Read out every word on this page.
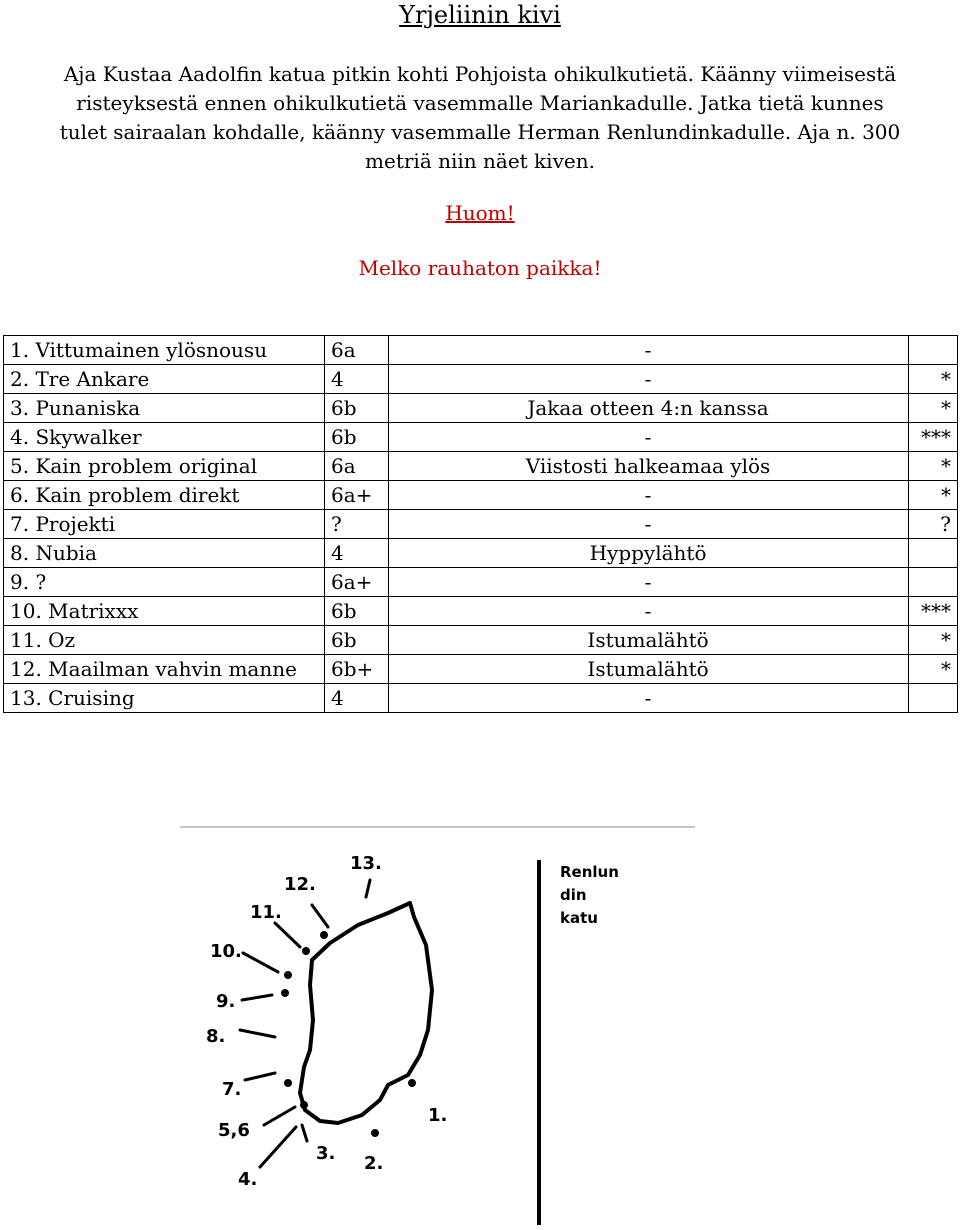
Yrjeliinin kivi
Aja Kustaa Aadolfin katua pitkin kohti Pohjoista ohikulkutietä. Käänny viimeisestä risteyksestä ennen ohikulkutietä vasemmalle Mariankadulle. Jatka tietä kunnes tulet sairaalan kohdalle, käänny vasemmalle Herman Renlundinkadulle. Aja n. 300 metriä niin näet kiven.
Huom!
Melko rauhaton paikka!
1. Vittumainen ylösnousu	6a	-	
2. Tre Ankare	4	-	*
3. Punaniska	6b	Jakaa otteen 4:n kanssa	*
4. Skywalker	6b	-	***
5. Kain problem original	6a	Viistosti halkeamaa ylös	*
6. Kain problem direkt	6a+	-	*
7. Projekti	?	-	?
8. Nubia	4	Hyppylähtö	
9. ?	6a+	-	
10. Matrixxx	6b	-	***
11. Oz	6b	Istumalähtö	*
12. Maailman vahvin manne	6b+	Istumalähtö	*
13. Cruising	4	-	
Renlun
din
katu
13.
12.
11.
10.
9.
8.
7.
5,6
4.
3. 2.
1.
